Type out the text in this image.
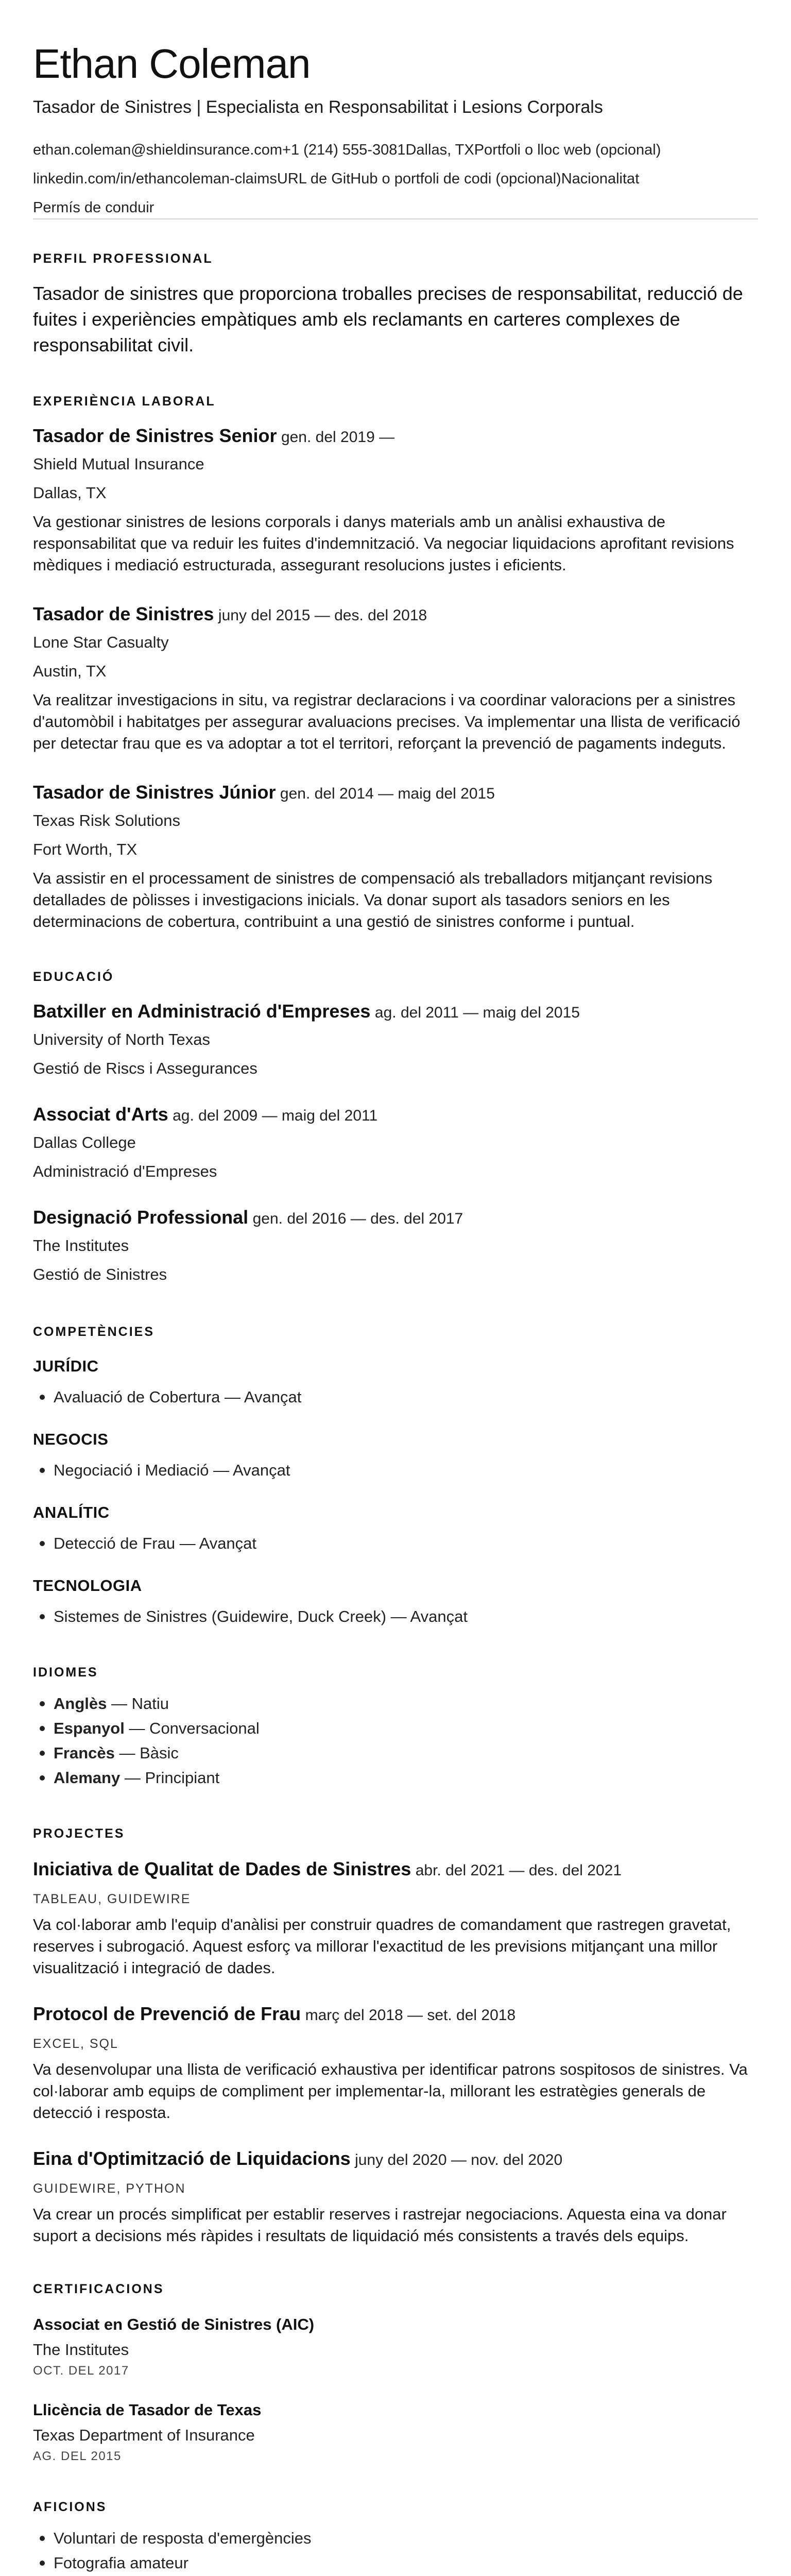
Ethan Coleman
Tasador de Sinistres | Especialista en Responsabilitat i Lesions Corporals
ethan.coleman@shieldinsurance.com+1 (214) 555-3081Dallas, TXPortfoli o lloc web (opcional)
linkedin.com/in/ethancoleman-claimsURL de GitHub o portfoli de codi (opcional)Nacionalitat
Permís de conduir
PERFIL PROFESSIONAL

Tasador de sinistres que proporciona troballes precises de responsabilitat, reducció de fuites i experiències empàtiques amb els reclamants en carteres complexes de responsabilitat civil.

EXPERIÈNCIA LABORAL
Tasador de Sinistres Senior gen. del 2019 —
Shield Mutual Insurance
Dallas, TX

Va gestionar sinistres de lesions corporals i danys materials amb un anàlisi exhaustiva de responsabilitat que va reduir les fuites d'indemnització. Va negociar liquidacions aprofitant revisions mèdiques i mediació estructurada, assegurant resolucions justes i eficients.

Tasador de Sinistres juny del 2015 — des. del 2018
Lone Star Casualty
Austin, TX

Va realitzar investigacions in situ, va registrar declaracions i va coordinar valoracions per a sinistres d'automòbil i habitatges per assegurar avaluacions precises. Va implementar una llista de verificació per detectar frau que es va adoptar a tot el territori, reforçant la prevenció de pagaments indeguts.

Tasador de Sinistres Júnior gen. del 2014 — maig del 2015
Texas Risk Solutions
Fort Worth, TX

Va assistir en el processament de sinistres de compensació als treballadors mitjançant revisions detallades de pòlisses i investigacions inicials. Va donar suport als tasadors seniors en les determinacions de cobertura, contribuint a una gestió de sinistres conforme i puntual.

EDUCACIÓ
Batxiller en Administració d'Empreses ag. del 2011 — maig del 2015
University of North Texas
Gestió de Riscs i Assegurances
Associat d'Arts ag. del 2009 — maig del 2011
Dallas College
Administració d'Empreses
Designació Professional gen. del 2016 — des. del 2017
The Institutes
Gestió de Sinistres
COMPETÈNCIES
JURÍDIC
Avaluació de Cobertura — Avançat
NEGOCIS
Negociació i Mediació — Avançat
ANALÍTIC
Detecció de Frau — Avançat
TECNOLOGIA
Sistemes de Sinistres (Guidewire, Duck Creek) — Avançat
IDIOMES
Anglès — Natiu
Espanyol — Conversacional
Francès — Bàsic
Alemany — Principiant
PROJECTES
Iniciativa de Qualitat de Dades de Sinistres abr. del 2021 — des. del 2021
TABLEAU, GUIDEWIRE

Va col·laborar amb l'equip d'anàlisi per construir quadres de comandament que rastregen gravetat, reserves i subrogació. Aquest esforç va millorar l'exactitud de les previsions mitjançant una millor visualització i integració de dades.

Protocol de Prevenció de Frau març del 2018 — set. del 2018
EXCEL, SQL

Va desenvolupar una llista de verificació exhaustiva per identificar patrons sospitosos de sinistres. Va col·laborar amb equips de compliment per implementar-la, millorant les estratègies generals de detecció i resposta.

Eina d'Optimització de Liquidacions juny del 2020 — nov. del 2020
GUIDEWIRE, PYTHON

Va crear un procés simplificat per establir reserves i rastrejar negociacions. Aquesta eina va donar suport a decisions més ràpides i resultats de liquidació més consistents a través dels equips.

CERTIFICACIONS
Associat en Gestió de Sinistres (AIC)
The Institutes
OCT. DEL 2017
Llicència de Tasador de Texas
Texas Department of Insurance
AG. DEL 2015
AFICIONS
Voluntari de resposta d'emergències
Fotografia amateur
